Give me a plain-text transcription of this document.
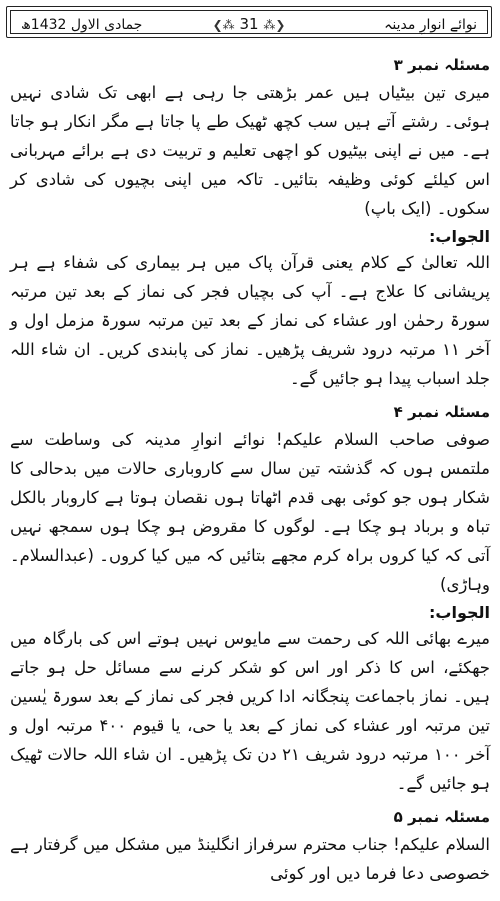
جمادی الاول 1432ھ	❮⁂ 31 ⁂❯	نوائے انوارِ مدینہ
مسئلہ نمبر ۳

میری تین بیٹیاں ہیں عمر بڑھتی جا رہی ہے ابھی تک شادی نہیں ہوئی۔ رشتے آتے ہیں سب کچھ ٹھیک طے پا جاتا ہے مگر انکار ہو جاتا ہے۔ میں نے اپنی بیٹیوں کو اچھی تعلیم و تربیت دی ہے برائے مہربانی اس کیلئے کوئی وظیفہ بتائیں۔ تاکہ میں اپنی بچیوں کی شادی کر سکوں۔ (ایک باپ)

الجواب:

اللہ تعالیٰ کے کلام یعنی قرآن پاک میں ہر بیماری کی شفاء ہے ہر پریشانی کا علاج ہے۔ آپ کی بچیاں فجر کی نماز کے بعد تین مرتبہ سورۃ رحمٰن اور عشاء کی نماز کے بعد تین مرتبہ سورۃ مزمل اول و آخر ۱۱ مرتبہ درود شریف پڑھیں۔ نماز کی پابندی کریں۔ ان شاء اللہ جلد اسباب پیدا ہو جائیں گے۔

مسئلہ نمبر ۴

صوفی صاحب السلام علیکم! نوائے انوارِ مدینہ کی وساطت سے ملتمس ہوں کہ گذشتہ تین سال سے کاروباری حالات میں بدحالی کا شکار ہوں جو کوئی بھی قدم اٹھاتا ہوں نقصان ہوتا ہے کاروبار بالکل تباہ و برباد ہو چکا ہے۔ لوگوں کا مقروض ہو چکا ہوں سمجھ نہیں آتی کہ کیا کروں براہ کرم مجھے بتائیں کہ میں کیا کروں۔ (عبدالسلام۔ وہاڑی)

الجواب:

میرے بھائی اللہ کی رحمت سے مایوس نہیں ہوتے اس کی بارگاہ میں جھکئے، اس کا ذکر اور اس کو شکر کرنے سے مسائل حل ہو جاتے ہیں۔ نماز باجماعت پنجگانہ ادا کریں فجر کی نماز کے بعد سورۃ یٰسین تین مرتبہ اور عشاء کی نماز کے بعد یا حی، یا قیوم ۴۰۰ مرتبہ اول و آخر ۱۰۰ مرتبہ درود شریف ۲۱ دن تک پڑھیں۔ ان شاء اللہ حالات ٹھیک ہو جائیں گے۔

مسئلہ نمبر ۵

السلام علیکم! جناب محترم سرفراز انگلینڈ میں مشکل میں گرفتار ہے خصوصی دعا فرما دیں اور کوئی
